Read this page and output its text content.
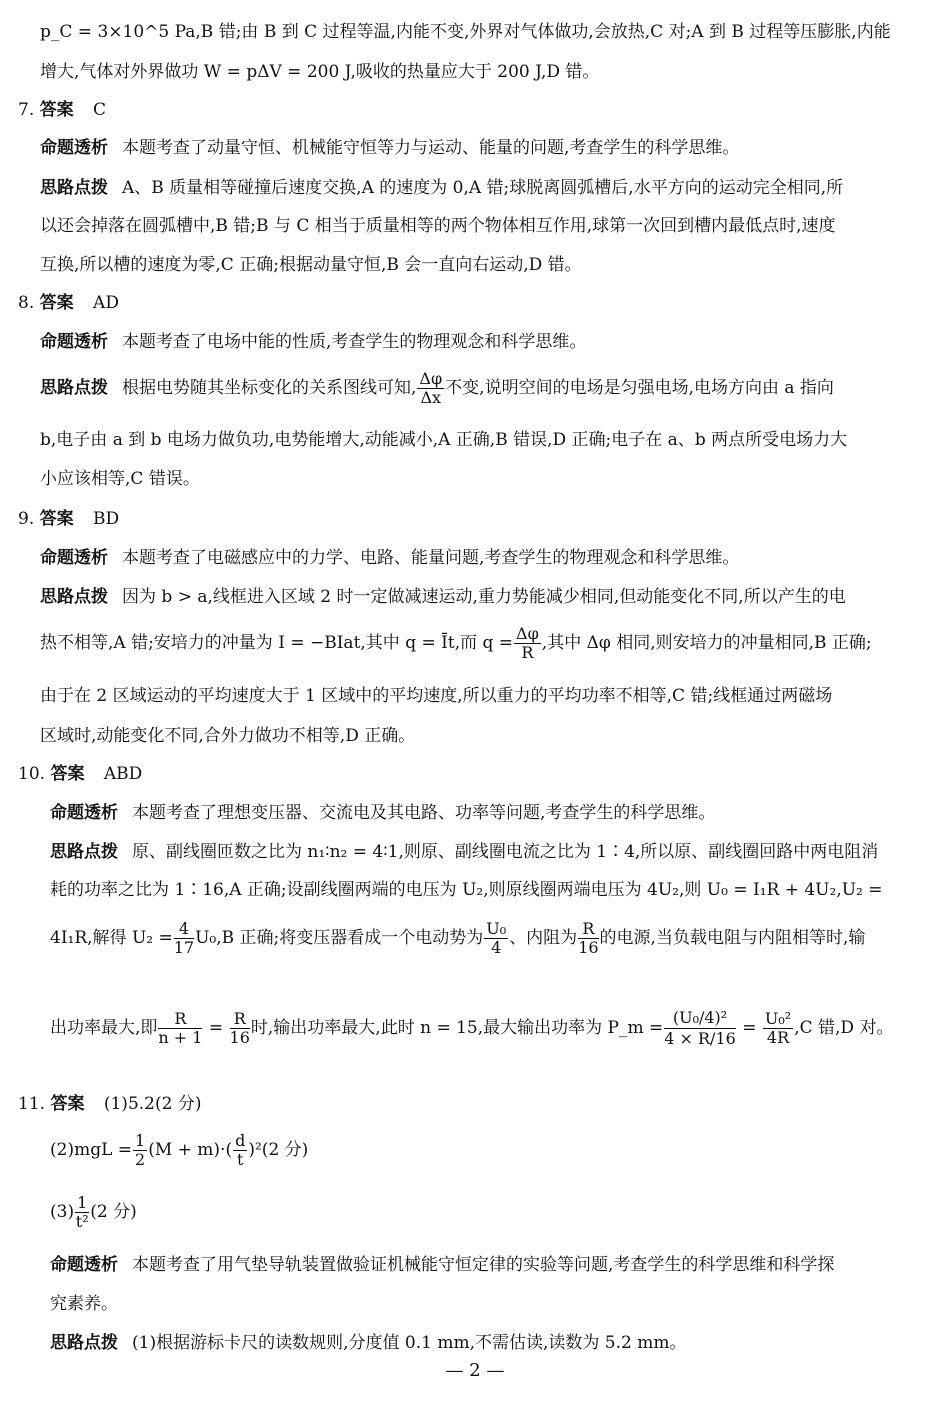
p_C = 3×10^5 Pa,B 错;由 B 到 C 过程等温,内能不变,外界对气体做功,会放热,C 对;A 到 B 过程等压膨胀,内能
增大,气体对外界做功 W = pΔV = 200 J,吸收的热量应大于 200 J,D 错。
7. 答案 C
命题透析 本题考查了动量守恒、机械能守恒等力与运动、能量的问题,考查学生的科学思维。
思路点拨 A、B 质量相等碰撞后速度交换,A 的速度为 0,A 错;球脱离圆弧槽后,水平方向的运动完全相同,所
以还会掉落在圆弧槽中,B 错;B 与 C 相当于质量相等的两个物体相互作用,球第一次回到槽内最低点时,速度
互换,所以槽的速度为零,C 正确;根据动量守恒,B 会一直向右运动,D 错。
8. 答案 AD
命题透析 本题考查了电场中能的性质,考查学生的物理观念和科学思维。
思路点拨 根据电势随其坐标变化的关系图线可知, $\frac{\Delta\varphi}{\Delta x}$ 不变,说明空间的电场是匀强电场,电场方向由 a 指向
b,电子由 a 到 b 电场力做负功,电势能增大,动能减小,A 正确,B 错误,D 正确;电子在 a、b 两点所受电场力大
小应该相等,C 错误。
9. 答案 BD
命题透析 本题考查了电磁感应中的力学、电路、能量问题,考查学生的物理观念和科学思维。
思路点拨 因为 b > a,线框进入区域 2 时一定做减速运动,重力势能减少相同,但动能变化不同,所以产生的电
热不相等,A 错;安培力的冲量为 I = −BIat,其中 q = Īt,而 $q = \frac{\Delta\varphi}{R}$ ,其中 Δφ 相同,则安培力的冲量相同,B 正确;
由于在 2 区域运动的平均速度大于 1 区域中的平均速度,所以重力的平均功率不相等,C 错;线框通过两磁场
区域时,动能变化不同,合外力做功不相等,D 正确。
10. 答案 ABD
命题透析 本题考查了理想变压器、交流电及其电路、功率等问题,考查学生的科学思维。
思路点拨 原、副线圈匝数之比为 n₁∶n₂ = 4∶1,则原、副线圈电流之比为 1∶4,所以原、副线圈回路中两电阻消
耗的功率之比为 1∶16,A 正确;设副线圈两端的电压为 U₂,则原线圈两端电压为 4U₂,则 U₀ = I₁R + 4U₂,U₂ =
4I₁R,解得 $U_2 = \frac{4}{17} U_0,B$ 正确;将变压器看成一个电动势为 $\frac{\text{U₀}}{4}$ 、内阻为 $\frac{R}{16}$ 的电源,当负载电阻与内阻相等时,输
出功率最大,即 $\frac{R}{n + 1} = \frac{R}{16}$ 时,输出功率最大,此时 n = 15,最大输出功率为 P_m = $\frac{\text{(U₀/4)²}}{4 \times R/16} = \frac{\text{U₀²}}{4R} ,C$ 错,D 对。
11. 答案 (1)5.2(2 分)
$(2)mgL = \frac{1}{2} (M + m)\cdot( \frac{d}{t} )^2(2$ 分)
$(3) \frac{1}{\text{t²}} (2$ 分)
命题透析 本题考查了用气垫导轨装置做验证机械能守恒定律的实验等问题,考查学生的科学思维和科学探
究素养。
思路点拨 (1)根据游标卡尺的读数规则,分度值 0.1 mm,不需估读,读数为 5.2 mm。
— 2 —
